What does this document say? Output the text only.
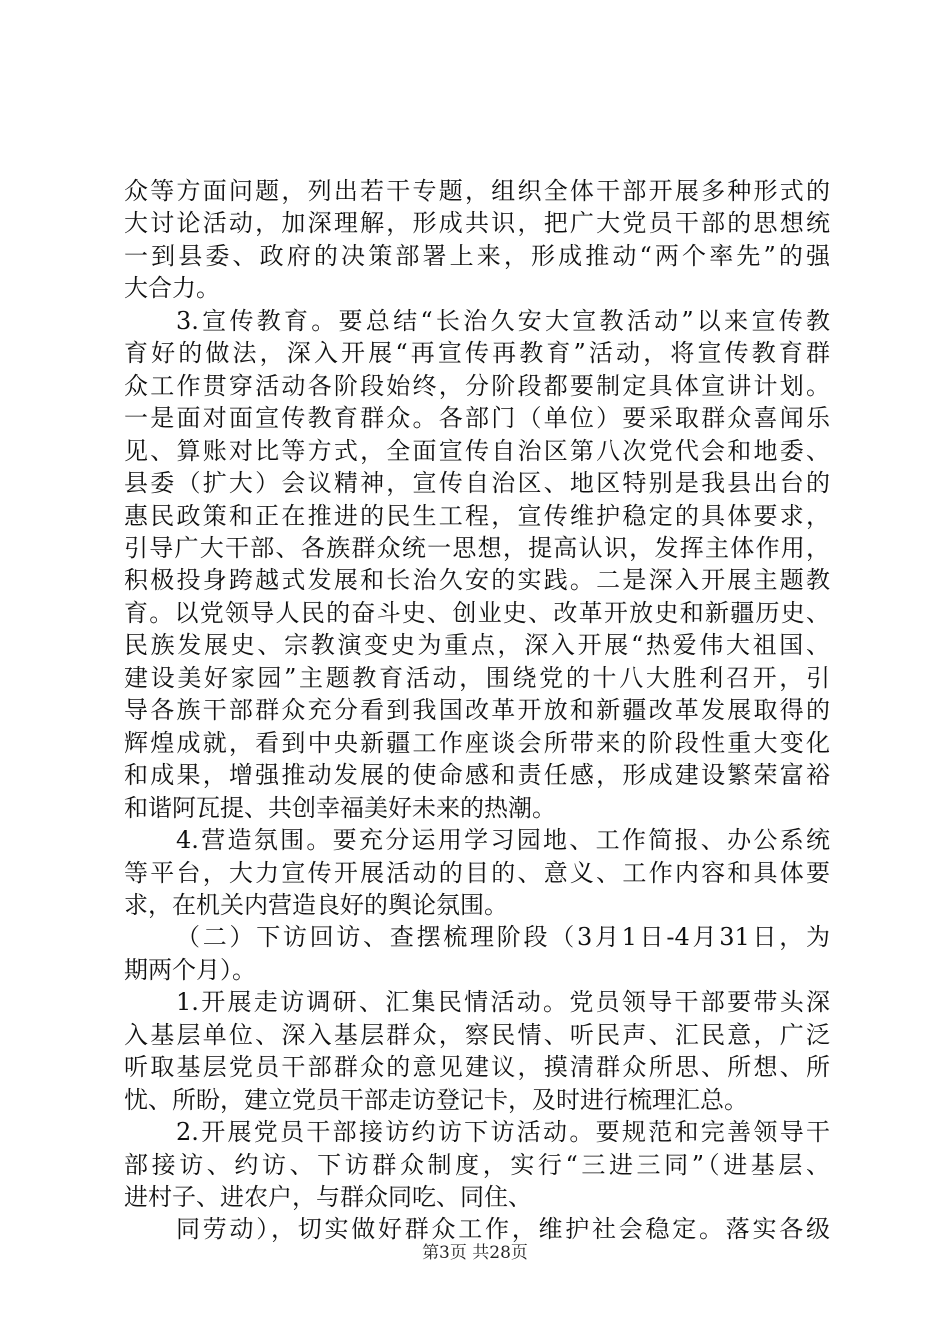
众等方面问题，列出若干专题，组织全体干部开展多种形式的
大讨论活动，加深理解，形成共识，把广大党员干部的思想统
一到县委、政府的决策部署上来，形成推动“两个率先”的强
大合力。
3.宣传教育。要总结“长治久安大宣教活动”以来宣传教
育好的做法，深入开展“再宣传再教育”活动，将宣传教育群
众工作贯穿活动各阶段始终，分阶段都要制定具体宣讲计划。
一是面对面宣传教育群众。各部门（单位）要采取群众喜闻乐
见、算账对比等方式，全面宣传自治区第八次党代会和地委、
县委（扩大）会议精神，宣传自治区、地区特别是我县出台的
惠民政策和正在推进的民生工程，宣传维护稳定的具体要求，
引导广大干部、各族群众统一思想，提高认识，发挥主体作用，
积极投身跨越式发展和长治久安的实践。二是深入开展主题教
育。以党领导人民的奋斗史、创业史、改革开放史和新疆历史、
民族发展史、宗教演变史为重点，深入开展“热爱伟大祖国、
建设美好家园”主题教育活动，围绕党的十八大胜利召开，引
导各族干部群众充分看到我国改革开放和新疆改革发展取得的
辉煌成就，看到中央新疆工作座谈会所带来的阶段性重大变化
和成果，增强推动发展的使命感和责任感，形成建设繁荣富裕
和谐阿瓦提、共创幸福美好未来的热潮。
4.营造氛围。要充分运用学习园地、工作简报、办公系统
等平台，大力宣传开展活动的目的、意义、工作内容和具体要
求，在机关内营造良好的舆论氛围。
（二）下访回访、查摆梳理阶段（3月1日-4月31日，为
期两个月）。
1.开展走访调研、汇集民情活动。党员领导干部要带头深
入基层单位、深入基层群众，察民情、听民声、汇民意，广泛
听取基层党员干部群众的意见建议，摸清群众所思、所想、所
忧、所盼，建立党员干部走访登记卡，及时进行梳理汇总。
2.开展党员干部接访约访下访活动。要规范和完善领导干
部接访、约访、下访群众制度，实行“三进三同”（进基层、
进村子、进农户，与群众同吃、同住、
同劳动），切实做好群众工作，维护社会稳定。落实各级
第3页 共28页
